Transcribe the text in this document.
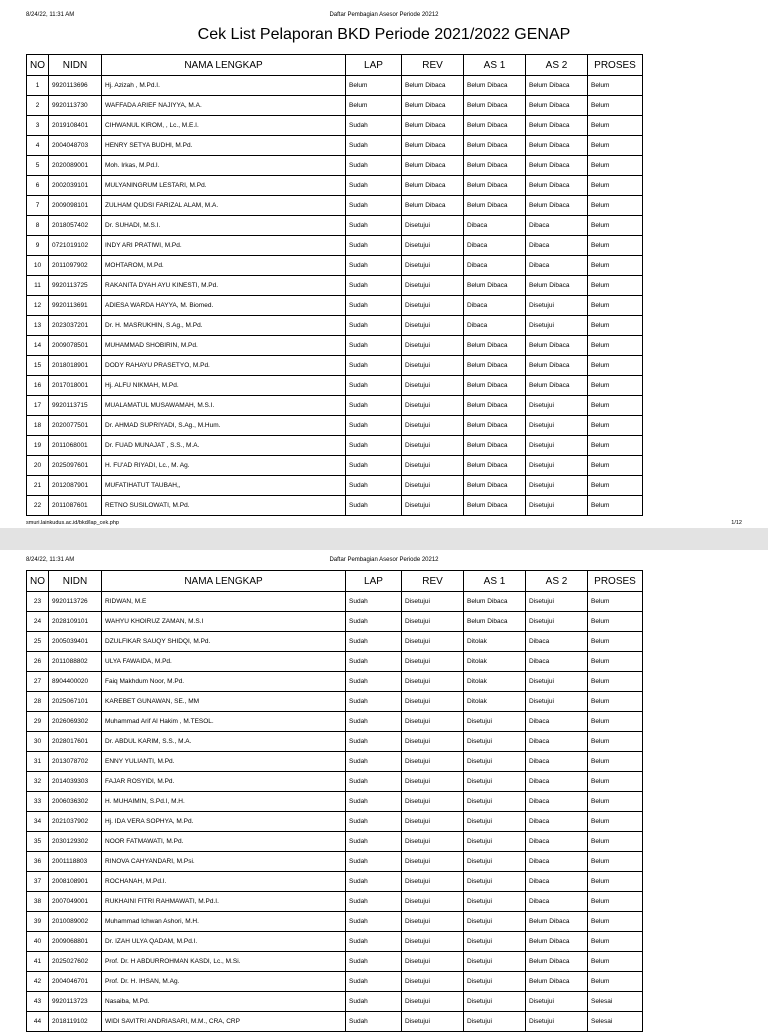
8/24/22, 11:31 AM	Daftar Pembagian Asesor Periode 20212
Cek List Pelaporan BKD Periode 2021/2022 GENAP
NO	NIDN	NAMA LENGKAP	LAP	REV	AS 1	AS 2	PROSES
1	9920113696	Hj. Azizah , M.Pd.I.	Belum	Belum Dibaca	Belum Dibaca	Belum Dibaca	Belum
2	9920113730	WAFFADA ARIEF NAJIYYA, M.A.	Belum	Belum Dibaca	Belum Dibaca	Belum Dibaca	Belum
3	2019108401	CIHWANUL KIROM, , Lc., M.E.I.	Sudah	Belum Dibaca	Belum Dibaca	Belum Dibaca	Belum
4	2004048703	HENRY SETYA BUDHI, M.Pd.	Sudah	Belum Dibaca	Belum Dibaca	Belum Dibaca	Belum
5	2020089001	Moh. Irkas, M.Pd.I.	Sudah	Belum Dibaca	Belum Dibaca	Belum Dibaca	Belum
6	2002039101	MULYANINGRUM LESTARI, M.Pd.	Sudah	Belum Dibaca	Belum Dibaca	Belum Dibaca	Belum
7	2009098101	ZULHAM QUDSI FARIZAL ALAM, M.A.	Sudah	Belum Dibaca	Belum Dibaca	Belum Dibaca	Belum
8	2018057402	Dr. SUHADI, M.S.I.	Sudah	Disetujui	Dibaca	Dibaca	Belum
9	0721019102	INDY ARI PRATIWI, M.Pd.	Sudah	Disetujui	Dibaca	Dibaca	Belum
10	2011097902	MOHTAROM, M.Pd.	Sudah	Disetujui	Dibaca	Dibaca	Belum
11	9920113725	RAKANITA DYAH AYU KINESTI, M.Pd.	Sudah	Disetujui	Belum Dibaca	Belum Dibaca	Belum
12	9920113691	ADIESA WARDA HAYYA, M. Biomed.	Sudah	Disetujui	Dibaca	Disetujui	Belum
13	2023037201	Dr. H. MASRUKHIN, S.Ag., M.Pd.	Sudah	Disetujui	Dibaca	Disetujui	Belum
14	2009078501	MUHAMMAD SHOBIRIN, M.Pd.	Sudah	Disetujui	Belum Dibaca	Belum Dibaca	Belum
15	2018018901	DODY RAHAYU PRASETYO, M.Pd.	Sudah	Disetujui	Belum Dibaca	Belum Dibaca	Belum
16	2017018001	Hj. ALFU NIKMAH, M.Pd.	Sudah	Disetujui	Belum Dibaca	Belum Dibaca	Belum
17	9920113715	MUALAMATUL MUSAWAMAH, M.S.I.	Sudah	Disetujui	Belum Dibaca	Disetujui	Belum
18	2020077501	Dr. AHMAD SUPRIYADI, S.Ag., M.Hum.	Sudah	Disetujui	Belum Dibaca	Disetujui	Belum
19	2011068001	Dr. FUAD MUNAJAT , S.S., M.A.	Sudah	Disetujui	Belum Dibaca	Disetujui	Belum
20	2025097601	H. FU'AD RIYADI, Lc., M. Ag.	Sudah	Disetujui	Belum Dibaca	Disetujui	Belum
21	2012087901	MUFATIHATUT TAUBAH,,	Sudah	Disetujui	Belum Dibaca	Disetujui	Belum
22	2011087601	RETNO SUSILOWATI, M.Pd.	Sudah	Disetujui	Belum Dibaca	Disetujui	Belum
smuri.lainkudus.ac.id/bkd/lap_cek.php	1/12
8/24/22, 11:31 AM	Daftar Pembagian Asesor Periode 20212
NO	NIDN	NAMA LENGKAP	LAP	REV	AS 1	AS 2	PROSES
23	9920113726	RIDWAN, M.E	Sudah	Disetujui	Belum Dibaca	Disetujui	Belum
24	2028109101	WAHYU KHOIRUZ ZAMAN, M.S.I	Sudah	Disetujui	Belum Dibaca	Disetujui	Belum
25	2005039401	DZULFIKAR SAUQY SHIDQI, M.Pd.	Sudah	Disetujui	Ditolak	Dibaca	Belum
26	2011088802	ULYA FAWAIDA, M.Pd.	Sudah	Disetujui	Ditolak	Dibaca	Belum
27	8904400020	Faiq Makhdum Noor, M.Pd.	Sudah	Disetujui	Ditolak	Disetujui	Belum
28	2025067101	KAREBET GUNAWAN, SE., MM	Sudah	Disetujui	Ditolak	Disetujui	Belum
29	2026069302	Muhammad Arif Al Hakim , M.TESOL.	Sudah	Disetujui	Disetujui	Dibaca	Belum
30	2028017601	Dr. ABDUL KARIM, S.S., M.A.	Sudah	Disetujui	Disetujui	Dibaca	Belum
31	2013078702	ENNY YULIANTI, M.Pd.	Sudah	Disetujui	Disetujui	Dibaca	Belum
32	2014039303	FAJAR ROSYIDI, M.Pd.	Sudah	Disetujui	Disetujui	Dibaca	Belum
33	2006036302	H. MUHAIMIN, S.Pd.I, M.H.	Sudah	Disetujui	Disetujui	Dibaca	Belum
34	2021037902	Hj. IDA VERA SOPHYA, M.Pd.	Sudah	Disetujui	Disetujui	Dibaca	Belum
35	2030129302	NOOR FATMAWATI, M.Pd.	Sudah	Disetujui	Disetujui	Dibaca	Belum
36	2001118803	RINOVA CAHYANDARI, M.Psi.	Sudah	Disetujui	Disetujui	Dibaca	Belum
37	2008108901	ROCHANAH, M.Pd.I.	Sudah	Disetujui	Disetujui	Dibaca	Belum
38	2007049001	RUKHAINI FITRI RAHMAWATI, M.Pd.I.	Sudah	Disetujui	Disetujui	Dibaca	Belum
39	2010089002	Muhammad Ichwan Ashori, M.H.	Sudah	Disetujui	Disetujui	Belum Dibaca	Belum
40	2009068801	Dr. IZAH ULYA QADAM, M.Pd.I.	Sudah	Disetujui	Disetujui	Belum Dibaca	Belum
41	2025027602	Prof. Dr. H ABDURROHMAN KASDI, Lc., M.Si.	Sudah	Disetujui	Disetujui	Belum Dibaca	Belum
42	2004046701	Prof. Dr. H. IHSAN, M.Ag.	Sudah	Disetujui	Disetujui	Belum Dibaca	Belum
43	9920113723	Nasaiba, M.Pd.	Sudah	Disetujui	Disetujui	Disetujui	Selesai
44	2018119102	WIDI SAVITRI ANDRIASARI, M.M., CRA, CRP	Sudah	Disetujui	Disetujui	Disetujui	Selesai
